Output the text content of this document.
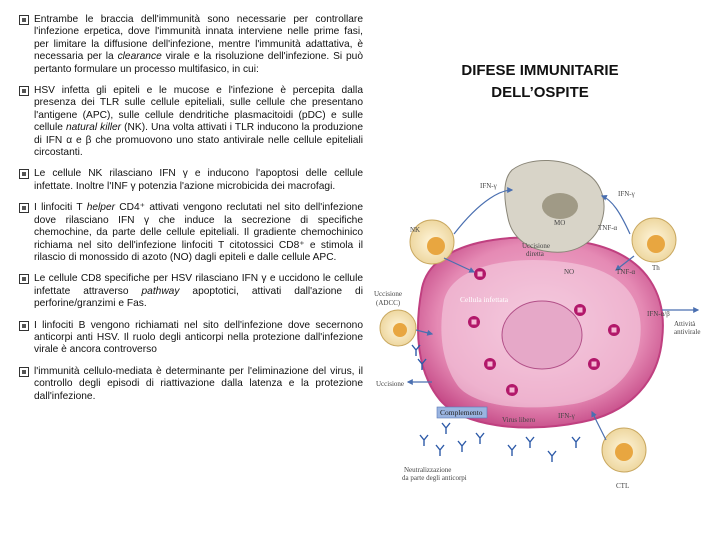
Entrambe le braccia dell'immunità sono necessarie per controllare l'infezione erpetica, dove l'immunità innata interviene nelle prime fasi, per limitare la diffusione dell'infezione, mentre l'immunità adattativa, è necessaria per la clearance virale e la risoluzione dell'infezione. Si può pertanto formulare un processo multifasico, in cui:
HSV infetta gli epiteli e le mucose e l'infezione è percepita dalla presenza dei TLR sulle cellule epiteliali, sulle cellule che presentano l'antigene (APC), sulle cellule dendritiche plasmacitoidi (pDC) e sulle cellule natural killer (NK). Una volta attivati i TLR inducono la produzione di IFN α e β che promuovono uno stato antivirale nelle cellule epiteliali circostanti.
Le cellule NK rilasciano IFN γ e inducono l'apoptosi delle cellule infettate. Inoltre l'INF γ potenzia l'azione microbicida dei macrofagi.
I linfociti T helper CD4⁺ attivati vengono reclutati nel sito dell'infezione dove rilasciano IFN γ che induce la secrezione di specifiche chemochine, da parte delle cellule epiteliali. Il gradiente chemochinico richiama nel sito dell'infezione linfociti T citotossici CD8⁺ e stimola il rilascio di monossido di azoto (NO) dagli epiteli e dalle cellule APC.
Le cellule CD8 specifiche per HSV rilasciano IFN γ e uccidono le cellule infettate attraverso pathway apoptotici, attivati dall'azione di perforine/granzimi e Fas.
I linfociti B vengono richiamati nel sito dell'infezione dove secernono anticorpi anti HSV. Il ruolo degli anticorpi nella protezione dall'infezione virale è ancora controverso
l'immunità cellulo-mediata è determinante per l'eliminazione del virus, il controllo degli episodi di riattivazione dalla latenza e la protezione dall'infezione.
DIFESE IMMUNITARIE
DELL’OSPITE
Cellula infettata
MO
NK
Th
CTL
Complemento
IFN-γ
IFN-γ
Uccisione
diretta
TNF-α
NO	TNF-α
Uccisione
(ADCC)
IFN-α/β
Attività
antivirale
Uccisione
Virus libero	IFN-γ
Neutralizzazione
da parte degli anticorpi
